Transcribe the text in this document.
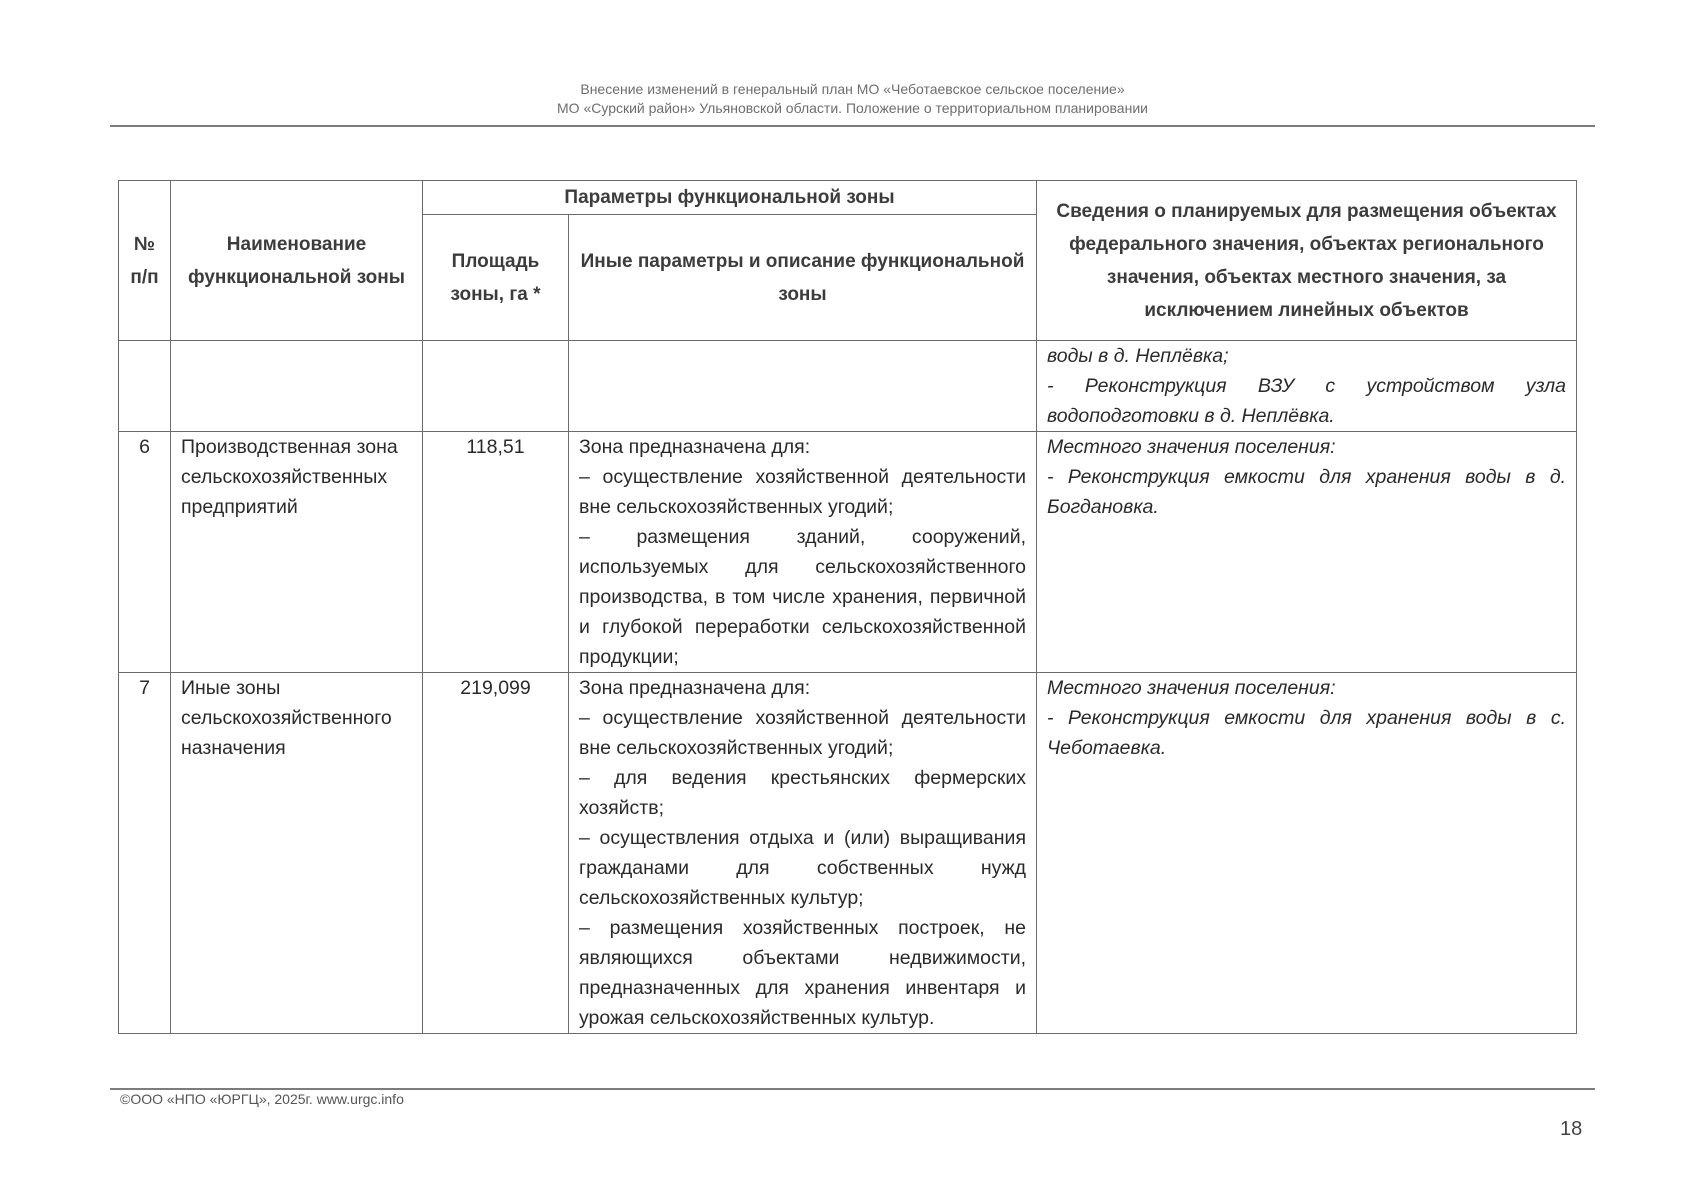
Внесение изменений в генеральный план МО «Чеботаевское сельское поселение»
МО «Сурский район» Ульяновской области. Положение о территориальном планировании
№ п/п	Наименование функциональной зоны	Параметры функциональной зоны		Сведения о планируемых для размещения объектах федерального значения, объектах регионального значения, объектах местного значения, за исключением линейных объектов
		Площадь зоны, га *	Иные параметры и описание функциональной зоны	

				воды в д. Неплёвка;
- Реконструкция ВЗУ с устройством узла водоподготовки в д. Неплёвка.

6	Производственная зона сельскохозяйственных предприятий	118,51	Зона предназначена для:
– осуществление хозяйственной деятельности вне сельскохозяйственных угодий;
– размещения зданий, сооружений, используемых для сельскохозяйственного производства, в том числе хранения, первичной и глубокой переработки сельскохозяйственной продукции;	Местного значения поселения:
- Реконструкция емкости для хранения воды в д. Богдановка.

7	Иные зоны сельскохозяйственного назначения	219,099	Зона предназначена для:
– осуществление хозяйственной деятельности вне сельскохозяйственных угодий;
– для ведения крестьянских фермерских хозяйств;
– осуществления отдыха и (или) выращивания гражданами для собственных нужд сельскохозяйственных культур;
– размещения хозяйственных построек, не являющихся объектами недвижимости, предназначенных для хранения инвентаря и урожая сельскохозяйственных культур.	Местного значения поселения:
- Реконструкция емкости для хранения воды в с. Чеботаевка.
©ООО «НПО «ЮРГЦ», 2025г. www.urgc.info
18
